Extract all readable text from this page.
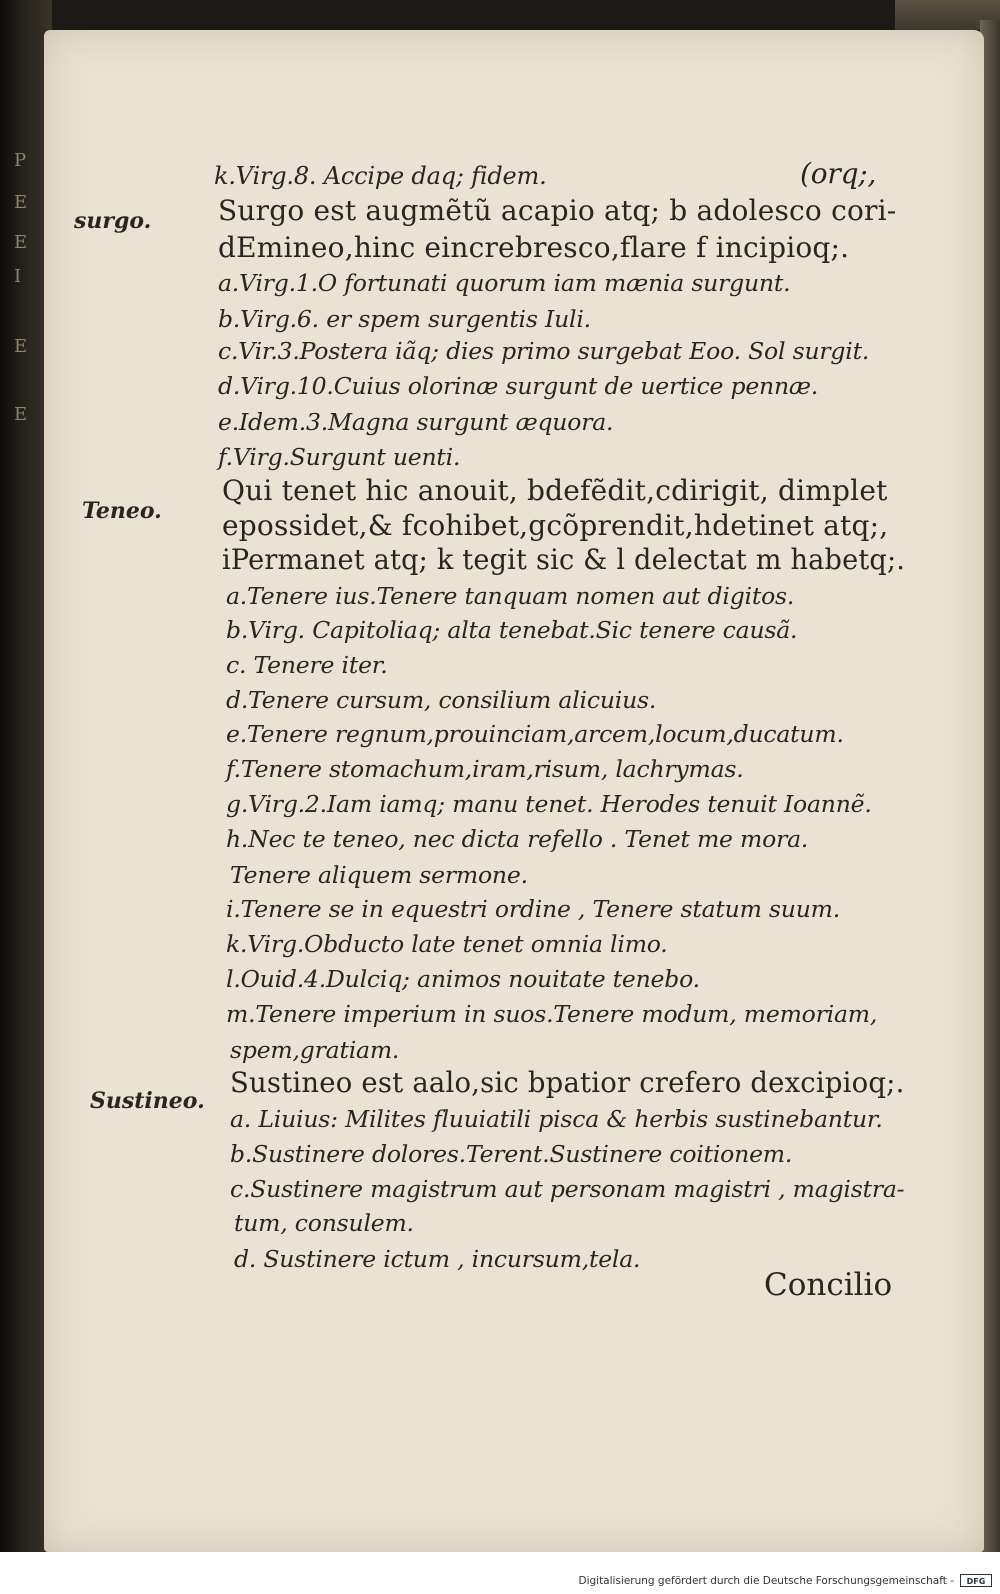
P
E
E
I
E
E
k.Virg.8. Accipe daq; fidem.	(orq;,
surgo.
Teneo.
Sustineo.
Surgo est augmẽtũ acapio atq; b adolesco cori-
dEmineo,hinc eincrebresco,flare f incipioq;.
a.Virg.1.O fortunati quorum iam mænia surgunt.
b.Virg.6. er spem surgentis Iuli.
c.Vir.3.Postera iãq; dies primo surgebat Eoo. Sol surgit.
d.Virg.10.Cuius olorinæ surgunt de uertice pennæ.
e.Idem.3.Magna surgunt æquora.
f.Virg.Surgunt uenti.
Qui tenet hic anouit, bdefẽdit,cdirigit, dimplet
epossidet,& fcohibet,gcõprendit,hdetinet atq;,
iPermanet atq; k tegit sic & l delectat m habetq;.
a.Tenere ius.Tenere tanquam nomen aut digitos.
b.Virg. Capitoliaq; alta tenebat.Sic tenere causã.
c. Tenere iter.
d.Tenere cursum, consilium alicuius.
e.Tenere regnum,prouinciam,arcem,locum,ducatum.
f.Tenere stomachum,iram,risum, lachrymas.
g.Virg.2.Iam iamq; manu tenet. Herodes tenuit Ioannẽ.
h.Nec te teneo, nec dicta refello . Tenet me mora.
Tenere aliquem sermone.
i.Tenere se in equestri ordine , Tenere statum suum.
k.Virg.Obducto late tenet omnia limo.
l.Ouid.4.Dulciq; animos nouitate tenebo.
m.Tenere imperium in suos.Tenere modum, memoriam,
spem,gratiam.
Sustineo est aalo,sic bpatior crefero dexcipioq;.
a. Liuius: Milites fluuiatili pisca & herbis sustinebantur.
b.Sustinere dolores.Terent.Sustinere coitionem.
c.Sustinere magistrum aut personam magistri , magistra-
tum, consulem.
d. Sustinere ictum , incursum,tela.
Concilio
Digitalisierung gefördert durch die Deutsche Forschungsgemeinschaft -	DFG
